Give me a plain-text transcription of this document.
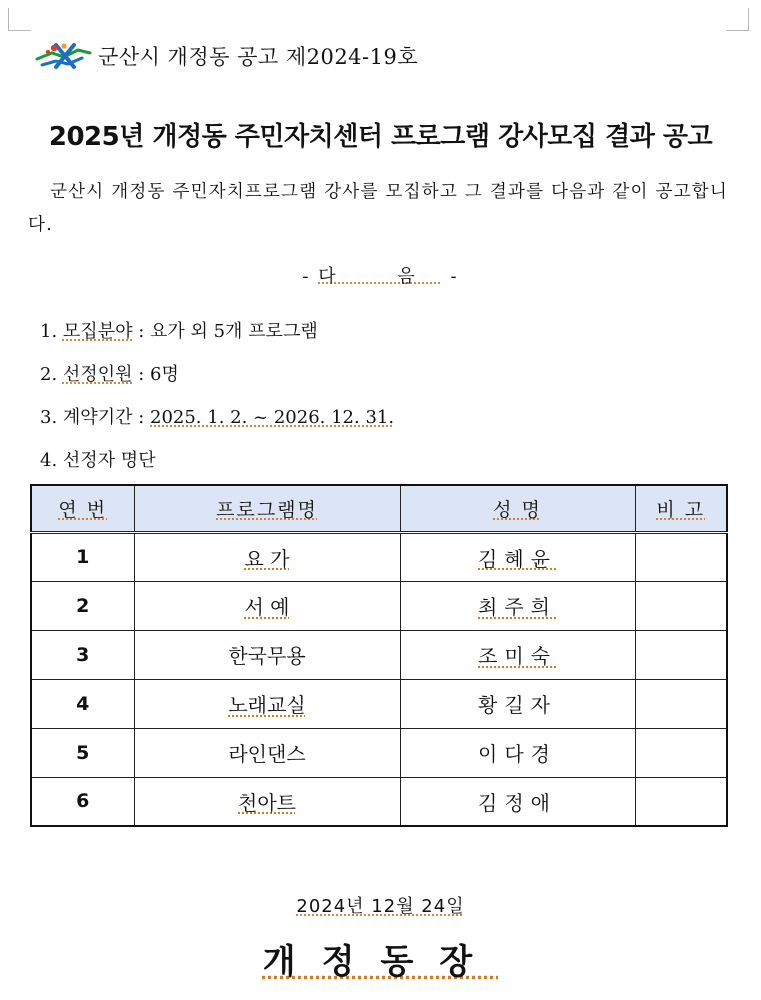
군산시 개정동 공고 제2024-19호
2025년 개정동 주민자치센터 프로그램 강사모집 결과 공고
군산시 개정동 주민자치프로그램 강사를 모집하고 그 결과를 다음과 같이 공고합니다.
- 다 음 -
1. 모집분야 : 요가 외 5개 프로그램
2. 선정인원 : 6명
3. 계약기간 : 2025. 1. 2. ~ 2026. 12. 31.
4. 선정자 명단
연 번	프로그램명	성 명	비 고
1	요 가	김혜윤	
2	서 예	최주희	
3	한국무용	조미숙	
4	노래교실	황길자	
5	라인댄스	이다경	
6	천아트	김정애	
2024년 12월 24일
개정동장
